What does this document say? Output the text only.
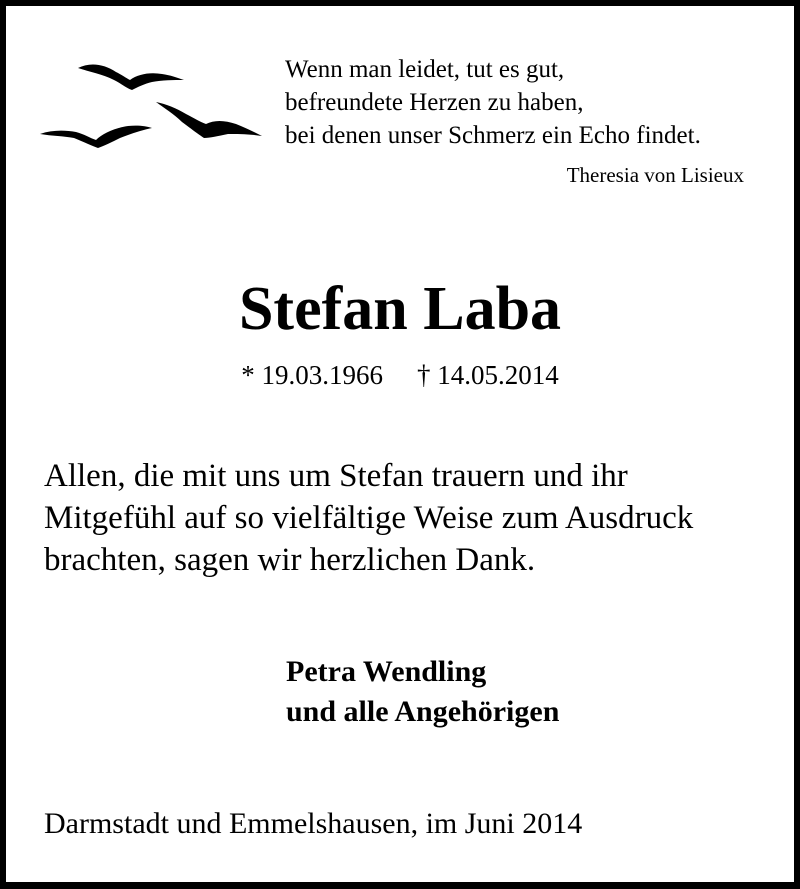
Wenn man leidet, tut es gut,
befreundete Herzen zu haben,
bei denen unser Schmerz ein Echo findet.
Theresia von Lisieux
Stefan Laba
* 19.03.1966 † 14.05.2014
Allen, die mit uns um Stefan trauern und ihr
Mitgefühl auf so vielfältige Weise zum Ausdruck
brachten, sagen wir herzlichen Dank.
Petra Wendling
und alle Angehörigen
Darmstadt und Emmelshausen, im Juni 2014
